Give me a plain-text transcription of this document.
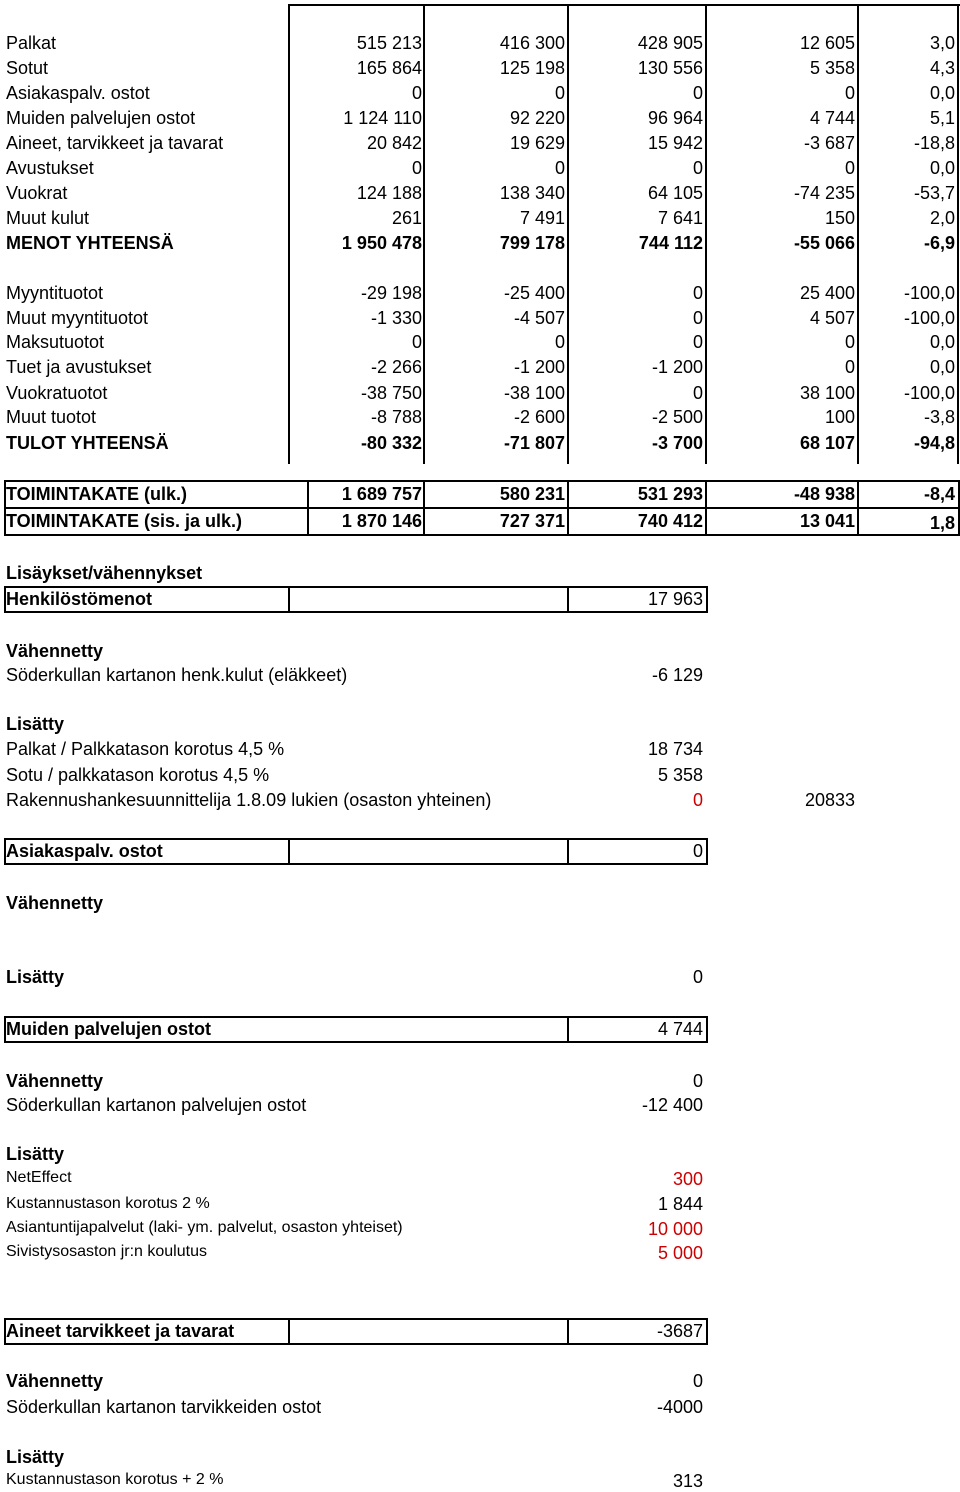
Palkat	515 213	416 300	428 905	12 605	3,0
Sotut	165 864	125 198	130 556	5 358	4,3
Asiakaspalv. ostot	0	0	0	0	0,0
Muiden palvelujen ostot	1 124 110	92 220	96 964	4 744	5,1
Aineet, tarvikkeet ja tavarat	20 842	19 629	15 942	-3 687	-18,8
Avustukset	0	0	0	0	0,0
Vuokrat	124 188	138 340	64 105	-74 235	-53,7
Muut kulut	261	7 491	7 641	150	2,0
MENOT YHTEENSÄ	1 950 478	799 178	744 112	-55 066	-6,9
Myyntituotot	-29 198	-25 400	0	25 400	-100,0
Muut myyntituotot	-1 330	-4 507	0	4 507	-100,0
Maksutuotot	0	0	0	0	0,0
Tuet ja avustukset	-2 266	-1 200	-1 200	0	0,0
Vuokratuotot	-38 750	-38 100	0	38 100	-100,0
Muut tuotot	-8 788	-2 600	-2 500	100	-3,8
TULOT YHTEENSÄ	-80 332	-71 807	-3 700	68 107	-94,8
TOIMINTAKATE (ulk.)	1 689 757	580 231	531 293	-48 938	-8,4
TOIMINTAKATE (sis. ja ulk.)	1 870 146	727 371	740 412	13 041	1,8
Lisäykset/vähennykset
Henkilöstömenot	17 963
Vähennetty
Söderkullan kartanon henk.kulut (eläkkeet)	-6 129
Lisätty
Palkat / Palkkatason korotus 4,5 %	18 734
Sotu / palkkatason korotus 4,5 %	5 358
Rakennushankesuunnittelija 1.8.09 lukien (osaston yhteinen)	0	20833
Asiakaspalv. ostot	0
Vähennetty
Lisätty	0
Muiden palvelujen ostot	4 744
Vähennetty	0
Söderkullan kartanon palvelujen ostot	-12 400
Lisätty
NetEffect	300
Kustannustason korotus 2 %	1 844
Asiantuntijapalvelut (laki- ym. palvelut, osaston yhteiset)	10 000
Sivistysosaston jr:n koulutus	5 000
Aineet tarvikkeet ja tavarat	-3687
Vähennetty	0
Söderkullan kartanon tarvikkeiden ostot	-4000
Lisätty
Kustannustason korotus + 2 %	313
